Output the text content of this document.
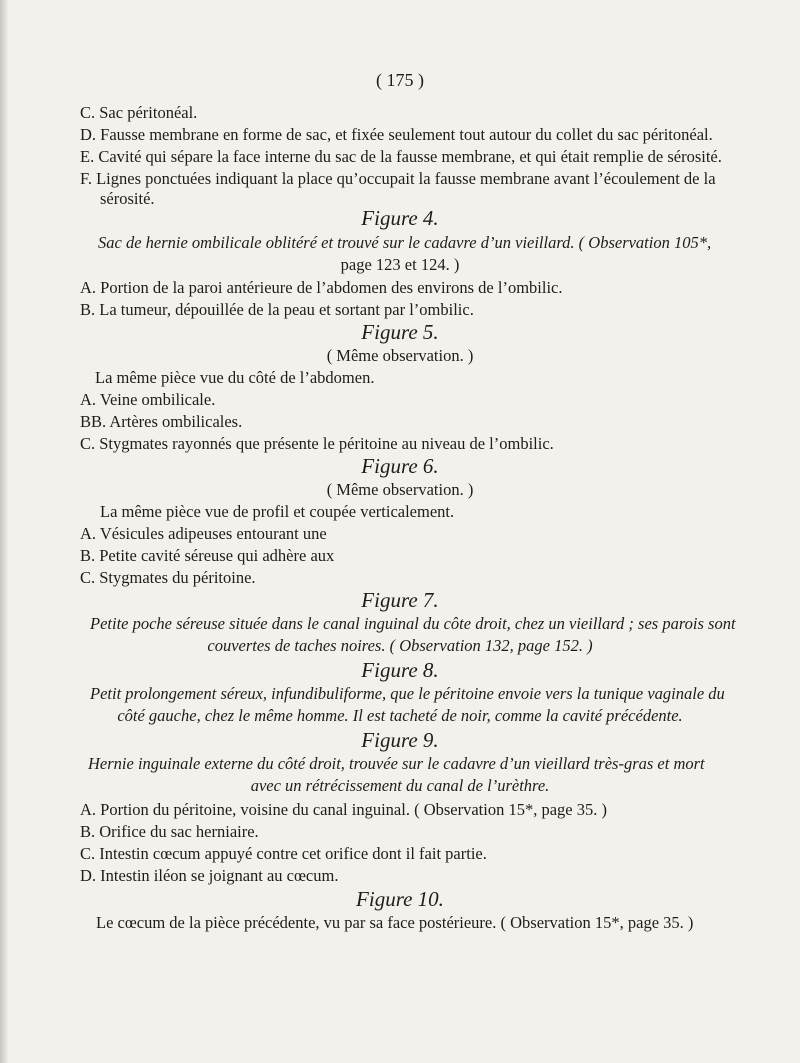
( 175 )
C. Sac péritonéal.
D. Fausse membrane en forme de sac, et fixée seulement tout autour du collet du sac péritonéal.
E. Cavité qui sépare la face interne du sac de la fausse membrane, et qui était remplie de sérosité.
F. Lignes ponctuées indiquant la place qu’occupait la fausse membrane avant l’écoulement de la
sérosité.
Figure 4.
Sac de hernie ombilicale oblitéré et trouvé sur le cadavre d’un vieillard. ( Observation 105*,
page 123 et 124. )
A. Portion de la paroi antérieure de l’abdomen des environs de l’ombilic.
B. La tumeur, dépouillée de la peau et sortant par l’ombilic.
Figure 5.
( Même observation. )
La même pièce vue du côté de l’abdomen.
A. Veine ombilicale.
BB. Artères ombilicales.
C. Stygmates rayonnés que présente le péritoine au niveau de l’ombilic.
Figure 6.
( Même observation. )
La même pièce vue de profil et coupée verticalement.
A. Vésicules adipeuses entourant une
B. Petite cavité séreuse qui adhère aux
C. Stygmates du péritoine.
Figure 7.
Petite poche séreuse située dans le canal inguinal du côte droit, chez un vieillard ; ses parois sont
couvertes de taches noires. ( Observation 132, page 152. )
Figure 8.
Petit prolongement séreux, infundibuliforme, que le péritoine envoie vers la tunique vaginale du
côté gauche, chez le même homme. Il est tacheté de noir, comme la cavité précédente.
Figure 9.
Hernie inguinale externe du côté droit, trouvée sur le cadavre d’un vieillard très-gras et mort
avec un rétrécissement du canal de l’urèthre.
A. Portion du péritoine, voisine du canal inguinal. ( Observation 15*, page 35. )
B. Orifice du sac herniaire.
C. Intestin cœcum appuyé contre cet orifice dont il fait partie.
D. Intestin iléon se joignant au cœcum.
Figure 10.
Le cœcum de la pièce précédente, vu par sa face postérieure. ( Observation 15*, page 35. )
